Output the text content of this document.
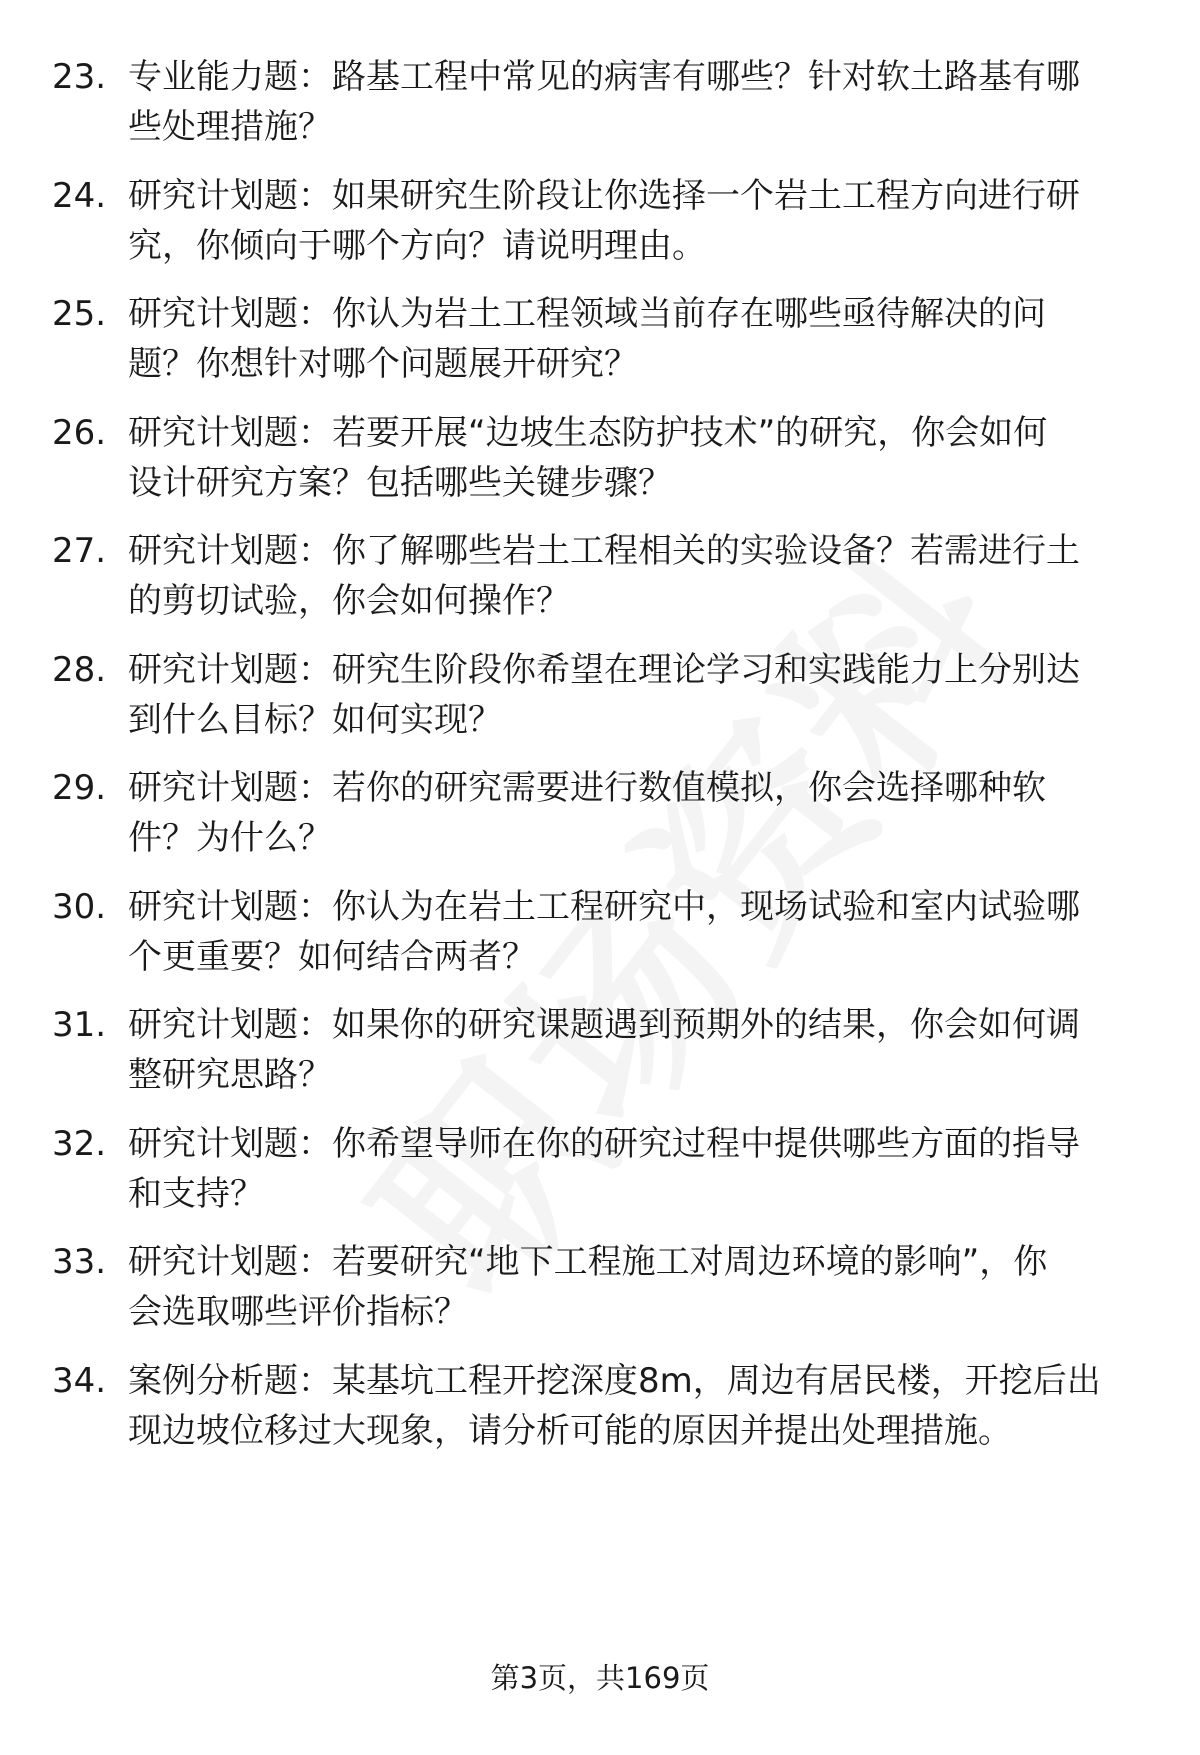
23. 专业能力题：路基工程中常见的病害有哪些？针对软土路基有哪
些处理措施？
24. 研究计划题：如果研究生阶段让你选择一个岩土工程方向进行研
究，你倾向于哪个方向？请说明理由。
25. 研究计划题：你认为岩土工程领域当前存在哪些亟待解决的问
题？你想针对哪个问题展开研究？
26. 研究计划题：若要开展“边坡生态防护技术”的研究，你会如何
设计研究方案？包括哪些关键步骤？
27. 研究计划题：你了解哪些岩土工程相关的实验设备？若需进行土
的剪切试验，你会如何操作？
28. 研究计划题：研究生阶段你希望在理论学习和实践能力上分别达
到什么目标？如何实现？
29. 研究计划题：若你的研究需要进行数值模拟，你会选择哪种软
件？为什么？
30. 研究计划题：你认为在岩土工程研究中，现场试验和室内试验哪
个更重要？如何结合两者？
31. 研究计划题：如果你的研究课题遇到预期外的结果，你会如何调
整研究思路？
32. 研究计划题：你希望导师在你的研究过程中提供哪些方面的指导
和支持？
33. 研究计划题：若要研究“地下工程施工对周边环境的影响”，你
会选取哪些评价指标？
34. 案例分析题：某基坑工程开挖深度8m，周边有居民楼，开挖后出
现边坡位移过大现象，请分析可能的原因并提出处理措施。
第3页，共169页
